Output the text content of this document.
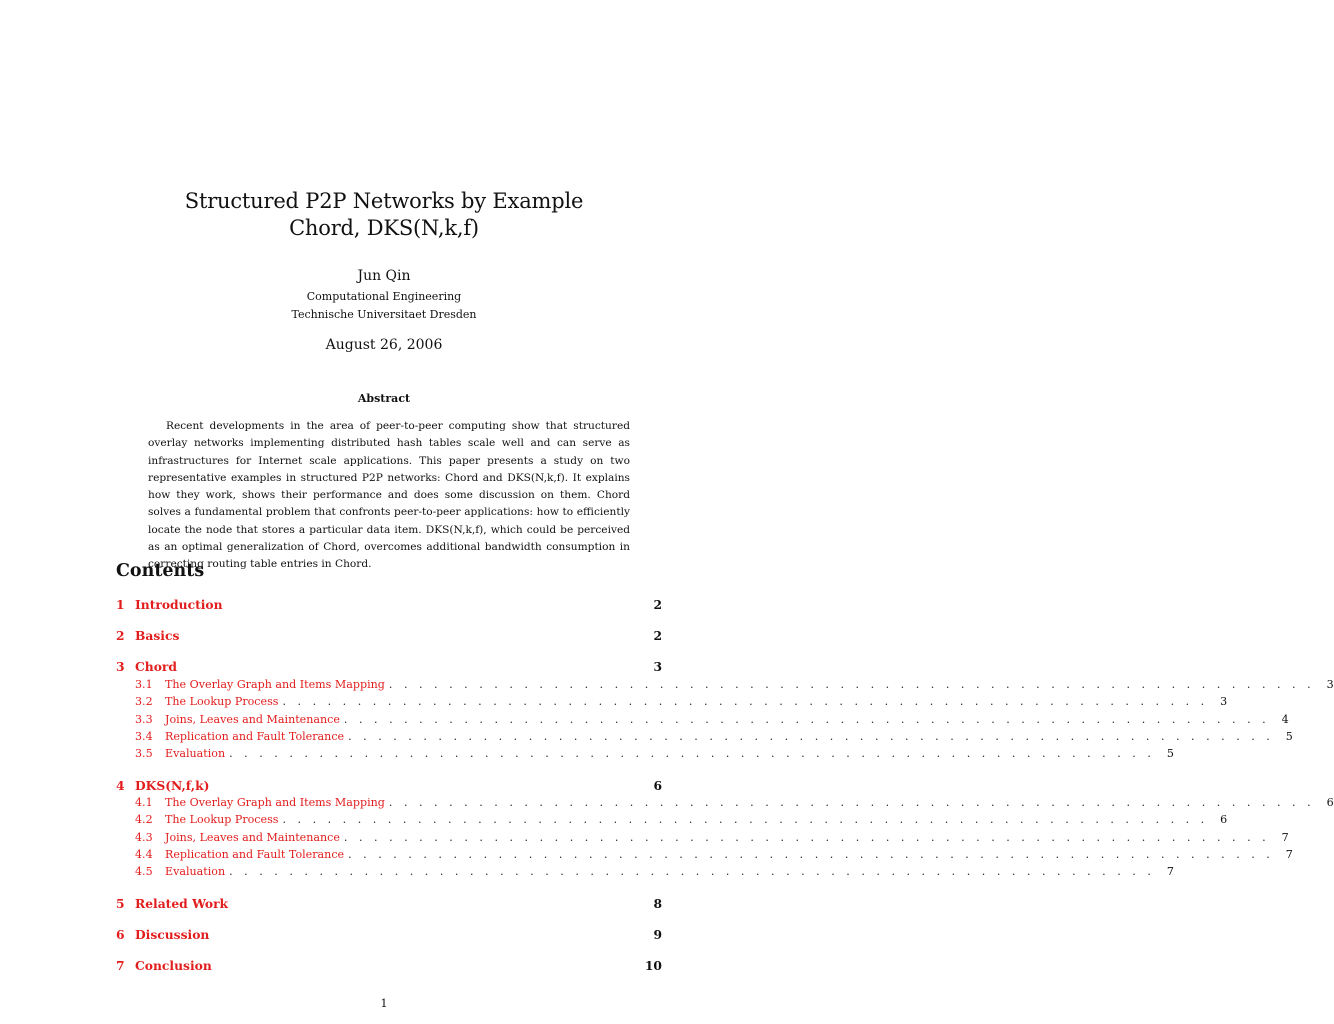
Structured P2P Networks by Example
Chord, DKS(N,k,f)
Jun Qin
Computational Engineering
Technische Universitaet Dresden
August 26, 2006
Abstract

Recent developments in the area of peer-to-peer computing show that structured overlay networks implementing distributed hash tables scale well and can serve as infrastructures for Internet scale applications. This paper presents a study on two representative examples in structured P2P networks: Chord and DKS(N,k,f). It explains how they work, shows their performance and does some discussion on them. Chord solves a fundamental problem that confronts peer-to-peer applications: how to efficiently locate the node that stores a particular data item. DKS(N,k,f), which could be perceived as an optimal generalization of Chord, overcomes additional bandwidth consumption in correcting routing table entries in Chord.

Contents
1 Introduction	2
2 Basics	2
3 Chord	3
3.1	The Overlay Graph and Items Mapping . . . . . . . . . . . . . . . . . . . . . . . . . . . . . . . . . . . . . . . . . . . . . . . . . . . . . . . . . . . . . .	3
3.2	The Lookup Process . . . . . . . . . . . . . . . . . . . . . . . . . . . . . . . . . . . . . . . . . . . . . . . . . . . . . . . . . . . . . .	3
3.3	Joins, Leaves and Maintenance . . . . . . . . . . . . . . . . . . . . . . . . . . . . . . . . . . . . . . . . . . . . . . . . . . . . . . . . . . . . . .	4
3.4	Replication and Fault Tolerance . . . . . . . . . . . . . . . . . . . . . . . . . . . . . . . . . . . . . . . . . . . . . . . . . . . . . . . . . . . . . .	5
3.5	Evaluation . . . . . . . . . . . . . . . . . . . . . . . . . . . . . . . . . . . . . . . . . . . . . . . . . . . . . . . . . . . . . .	5
4 DKS(N,f,k)	6
4.1	The Overlay Graph and Items Mapping . . . . . . . . . . . . . . . . . . . . . . . . . . . . . . . . . . . . . . . . . . . . . . . . . . . . . . . . . . . . . .	6
4.2	The Lookup Process . . . . . . . . . . . . . . . . . . . . . . . . . . . . . . . . . . . . . . . . . . . . . . . . . . . . . . . . . . . . . .	6
4.3	Joins, Leaves and Maintenance . . . . . . . . . . . . . . . . . . . . . . . . . . . . . . . . . . . . . . . . . . . . . . . . . . . . . . . . . . . . . .	7
4.4	Replication and Fault Tolerance . . . . . . . . . . . . . . . . . . . . . . . . . . . . . . . . . . . . . . . . . . . . . . . . . . . . . . . . . . . . . .	7
4.5	Evaluation . . . . . . . . . . . . . . . . . . . . . . . . . . . . . . . . . . . . . . . . . . . . . . . . . . . . . . . . . . . . . .	7
5 Related Work	8
6 Discussion	9
7 Conclusion	10
1
